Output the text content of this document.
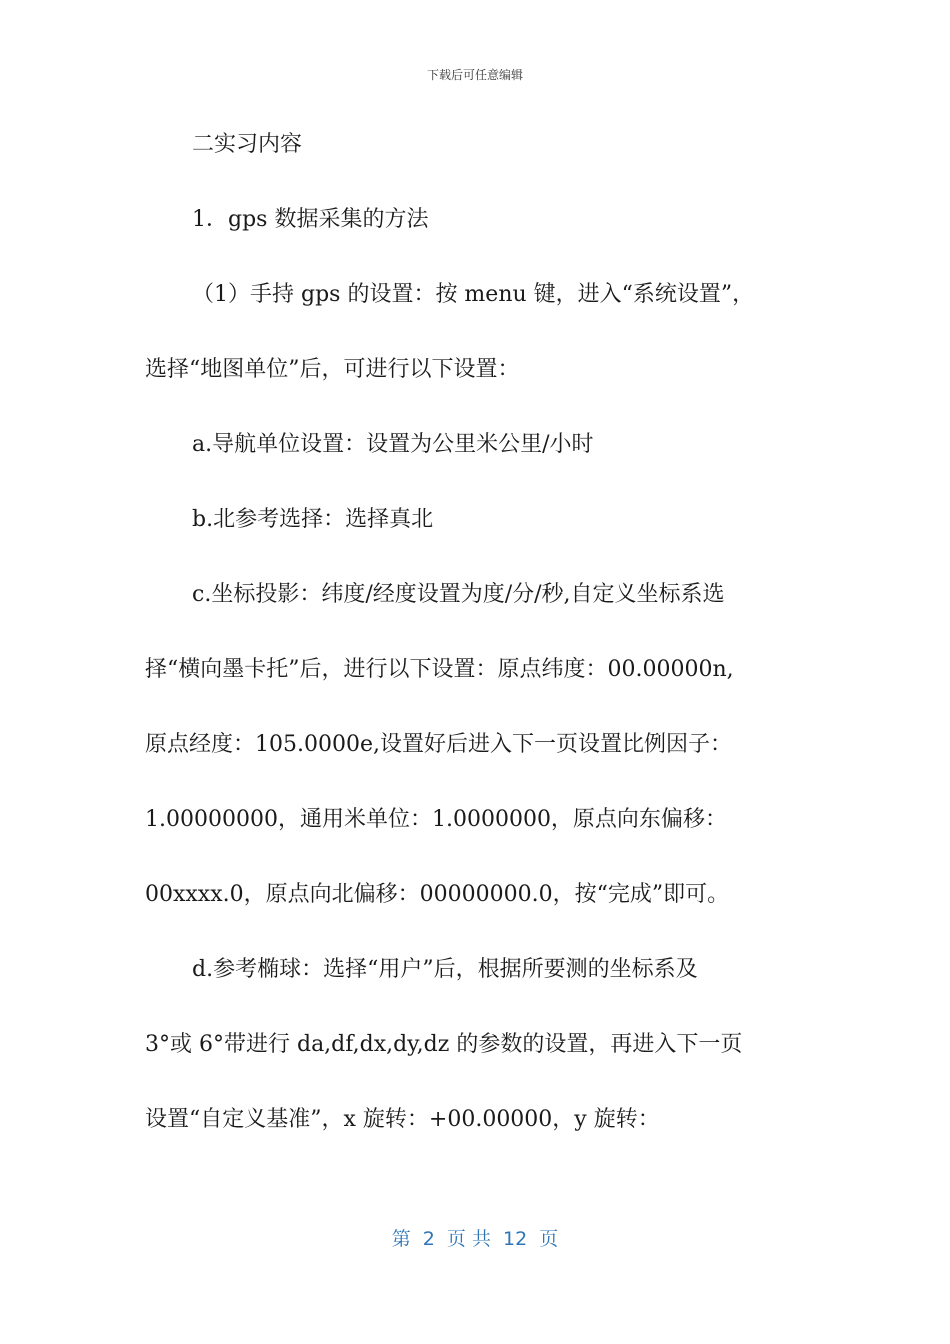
下载后可任意编辑
二实习内容
1．gps 数据采集的方法
（1）手持 gps 的设置：按 menu 键，进入“系统设置”，
选择“地图单位”后，可进行以下设置：
a.导航单位设置：设置为公里米公里/小时
b.北参考选择：选择真北
c.坐标投影：纬度/经度设置为度/分/秒,自定义坐标系选
择“横向墨卡托”后，进行以下设置：原点纬度：00.00000n,
原点经度：105.0000e,设置好后进入下一页设置比例因子：
1.00000000，通用米单位：1.0000000，原点向东偏移：
00xxxx.0，原点向北偏移：00000000.0，按“完成”即可。
d.参考椭球：选择“用户”后，根据所要测的坐标系及
3°或 6°带进行 da,df,dx,dy,dz 的参数的设置，再进入下一页
设置“自定义基准”，x 旋转：+00.00000，y 旋转：
第  2  页 共  12  页
